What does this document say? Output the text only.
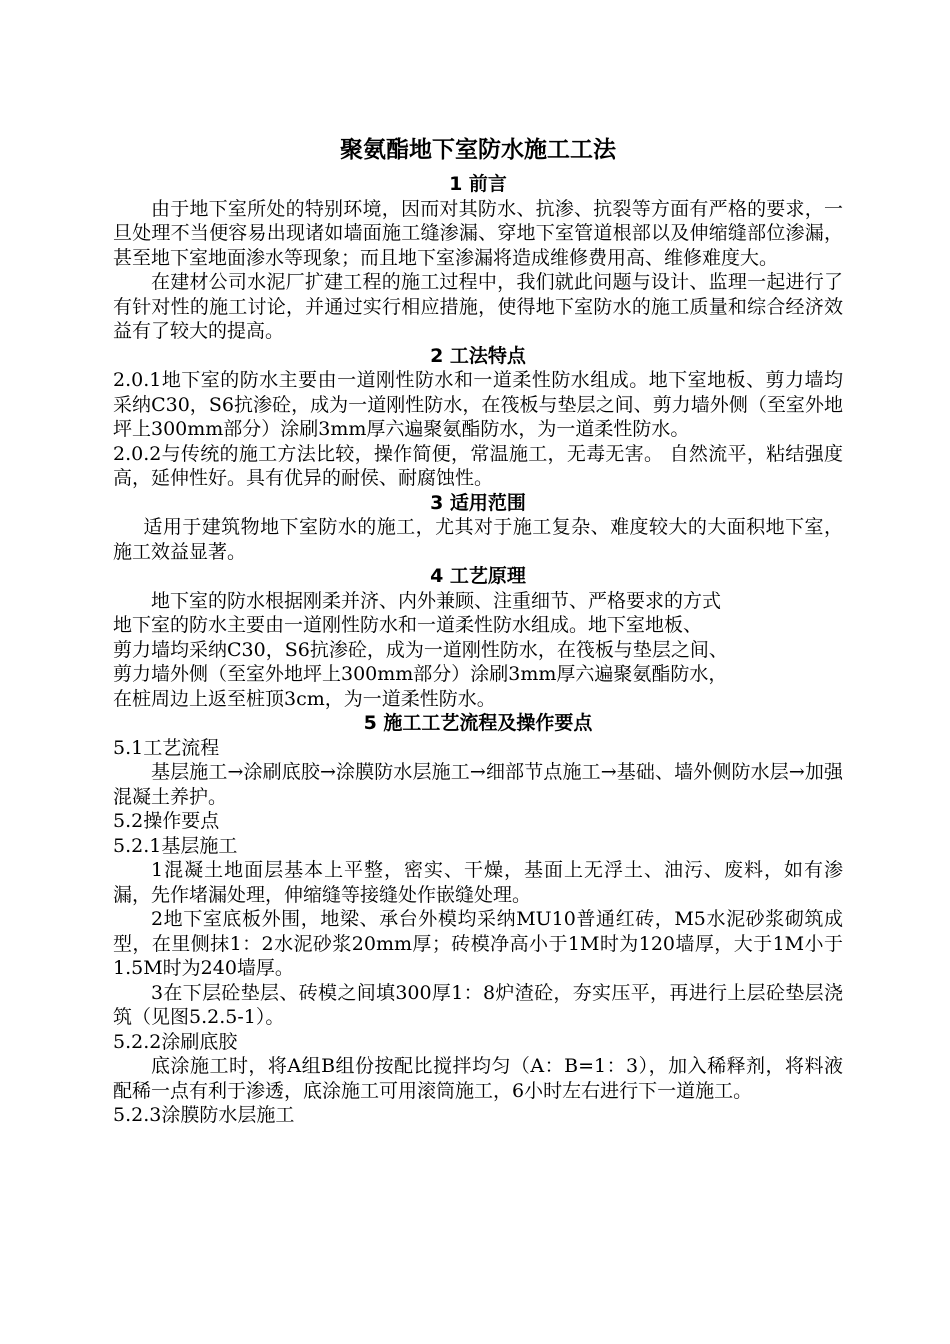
聚氨酯地下室防水施工工法
1 前言
由于地下室所处的特别环境，因而对其防水、抗渗、抗裂等方面有严格的要求，一旦处理不当便容易出现诸如墙面施工缝渗漏、穿地下室管道根部以及伸缩缝部位渗漏，甚至地下室地面渗水等现象；而且地下室渗漏将造成维修费用高、维修难度大。
在建材公司水泥厂扩建工程的施工过程中，我们就此问题与设计、监理一起进行了有针对性的施工讨论，并通过实行相应措施，使得地下室防水的施工质量和综合经济效益有了较大的提高。
2 工法特点
2.0.1地下室的防水主要由一道刚性防水和一道柔性防水组成。地下室地板、剪力墙均采纳C30，S6抗渗砼，成为一道刚性防水，在筏板与垫层之间、剪力墙外侧（至室外地坪上300mm部分）涂刷3mm厚六遍聚氨酯防水，为一道柔性防水。
2.0.2与传统的施工方法比较，操作简便，常温施工，无毒无害。 自然流平，粘结强度高，延伸性好。具有优异的耐侯、耐腐蚀性。
3 适用范围
适用于建筑物地下室防水的施工，尤其对于施工复杂、难度较大的大面积地下室，施工效益显著。
4 工艺原理
地下室的防水根据刚柔并济、内外兼顾、注重细节、严格要求的方式
地下室的防水主要由一道刚性防水和一道柔性防水组成。地下室地板、
剪力墙均采纳C30，S6抗渗砼，成为一道刚性防水，在筏板与垫层之间、
剪力墙外侧（至室外地坪上300mm部分）涂刷3mm厚六遍聚氨酯防水，
在桩周边上返至桩顶3cm，为一道柔性防水。
5 施工工艺流程及操作要点
5.1工艺流程
基层施工→涂刷底胶→涂膜防水层施工→细部节点施工→基础、墙外侧防水层→加强混凝土养护。
5.2操作要点
5.2.1基层施工
1混凝土地面层基本上平整，密实、干燥，基面上无浮土、油污、废料，如有渗漏，先作堵漏处理，伸缩缝等接缝处作嵌缝处理。
2地下室底板外围，地梁、承台外模均采纳MU10普通红砖，M5水泥砂浆砌筑成型，在里侧抹1：2水泥砂浆20mm厚；砖模净高小于1M时为120墙厚，大于1M小于1.5M时为240墙厚。
3在下层砼垫层、砖模之间填300厚1：8炉渣砼，夯实压平，再进行上层砼垫层浇筑（见图5.2.5-1）。
5.2.2涂刷底胶
底涂施工时，将A组B组份按配比搅拌均匀（A：B=1：3），加入稀释剂，将料液配稀一点有利于渗透，底涂施工可用滚筒施工，6小时左右进行下一道施工。
5.2.3涂膜防水层施工
